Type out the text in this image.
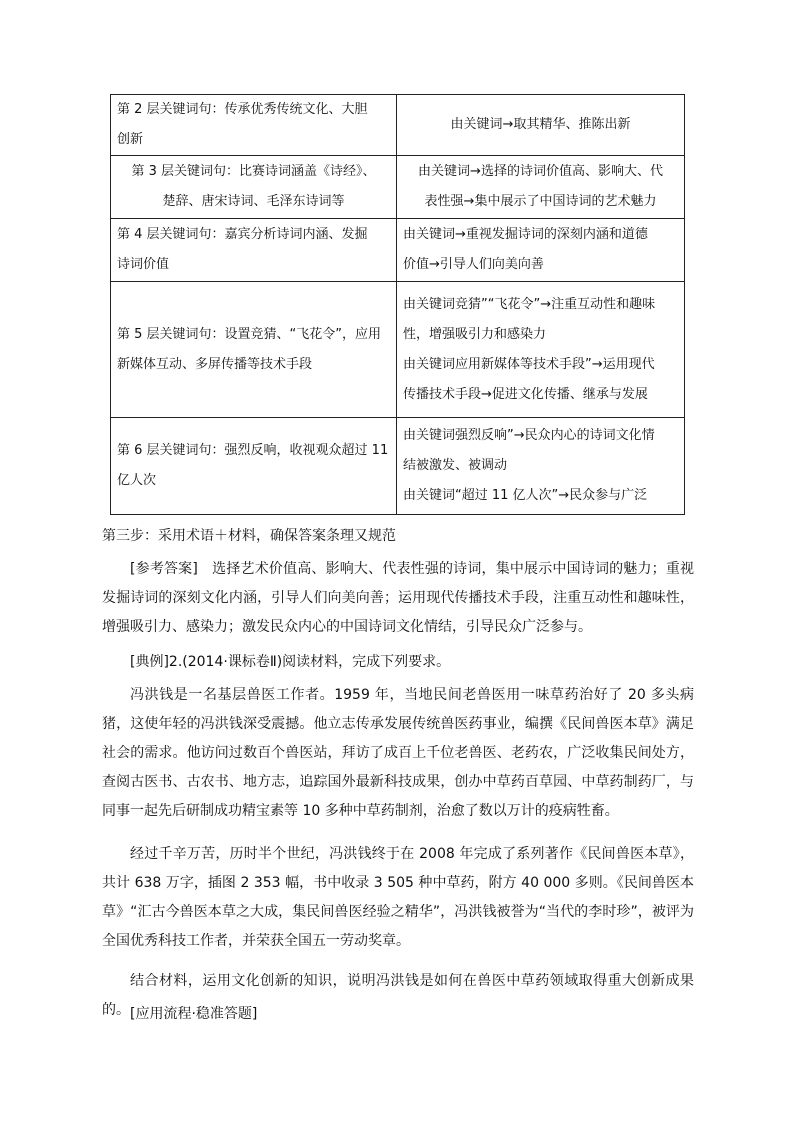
第 2 层关键词句：传承优秀传统文化、大胆
创新	由关键词→取其精华、推陈出新

第 3 层关键词句：比赛诗词涵盖《诗经》、
楚辞、唐宋诗词、毛泽东诗词等	由关键词→选择的诗词价值高、影响大、代
表性强→集中展示了中国诗词的艺术魅力

第 4 层关键词句：嘉宾分析诗词内涵、发掘
诗词价值	由关键词→重视发掘诗词的深刻内涵和道德
价值→引导人们向美向善

第 5 层关键词句：设置竞猜、“飞花令”，应用
新媒体互动、多屏传播等技术手段	由关键词竞猜”“飞花令”→注重互动性和趣味
性，增强吸引力和感染力
由关键词应用新媒体等技术手段”→运用现代
传播技术手段→促进文化传播、继承与发展

第 6 层关键词句：强烈反响，收视观众超过 11
亿人次	由关键词强烈反响”→民众内心的诗词文化情
结被激发、被调动
由关键词“超过 11 亿人次”→民众参与广泛
第三步：采用术语＋材料，确保答案条理又规范
[参考答案]　选择艺术价值高、影响大、代表性强的诗词，集中展示中国诗词的魅力；重视发掘诗词的深刻文化内涵，引导人们向美向善；运用现代传播技术手段，注重互动性和趣味性，增强吸引力、感染力；激发民众内心的中国诗词文化情结，引导民众广泛参与。
[典例]2.(2014·课标卷Ⅱ)阅读材料，完成下列要求。
冯洪钱是一名基层兽医工作者。1959 年，当地民间老兽医用一味草药治好了 20 多头病猪，这使年轻的冯洪钱深受震撼。他立志传承发展传统兽医药事业，编撰《民间兽医本草》满足社会的需求。他访问过数百个兽医站，拜访了成百上千位老兽医、老药农，广泛收集民间处方，查阅古医书、古农书、地方志，追踪国外最新科技成果，创办中草药百草园、中草药制药厂，与同事一起先后研制成功精宝素等 10 多种中草药制剂，治愈了数以万计的疫病牲畜。
经过千辛万苦，历时半个世纪，冯洪钱终于在 2008 年完成了系列著作《民间兽医本草》，共计 638 万字，插图 2 353 幅，书中收录 3 505 种中草药，附方 40 000 多则。《民间兽医本草》“汇古今兽医本草之大成，集民间兽医经验之精华”，冯洪钱被誉为“当代的李时珍”，被评为全国优秀科技工作者，并荣获全国五一劳动奖章。
结合材料，运用文化创新的知识，说明冯洪钱是如何在兽医中草药领域取得重大创新成果的。 [应用流程·稳准答题]
